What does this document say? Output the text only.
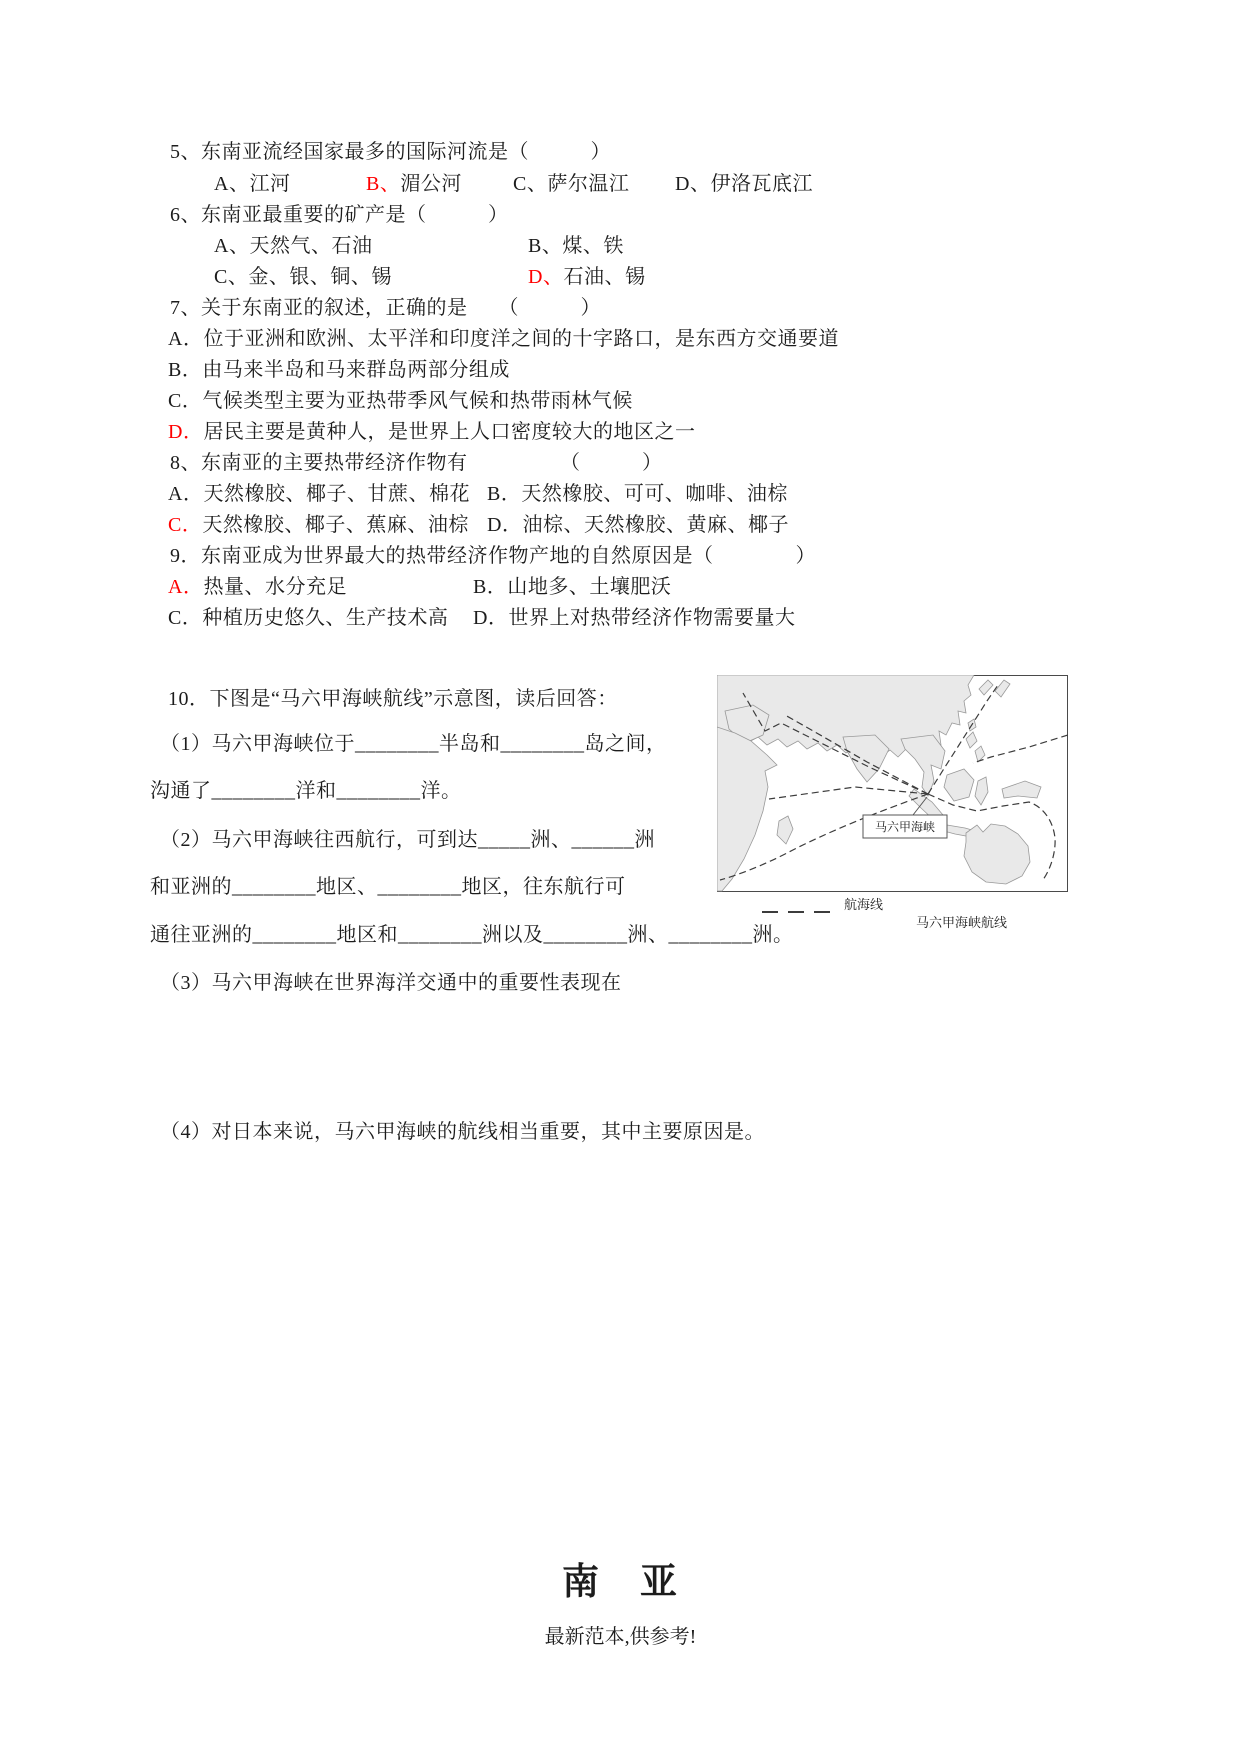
5、东南亚流经国家最多的国际河流是（　　　）
A、江河	B、湄公河	C、萨尔温江 D、伊洛瓦底江
6、东南亚最重要的矿产是（　　　）
A、天然气、石油	B、煤、铁
C、金、银、铜、锡	D、石油、锡
7、关于东南亚的叙述，正确的是　　（　　　）
A．位于亚洲和欧洲、太平洋和印度洋之间的十字路口，是东西方交通要道
B．由马来半岛和马来群岛两部分组成
C．气候类型主要为亚热带季风气候和热带雨林气候
D．居民主要是黄种人，是世界上人口密度较大的地区之一
8、东南亚的主要热带经济作物有　　　　　（　　　）
A．天然橡胶、椰子、甘蔗、棉花 B．天然橡胶、可可、咖啡、油棕
C．天然橡胶、椰子、蕉麻、油棕 D．油棕、天然橡胶、黄麻、椰子
9．东南亚成为世界最大的热带经济作物产地的自然原因是（　　　　）
A．热量、水分充足	B．山地多、土壤肥沃
C．种植历史悠久、生产技术高 D．世界上对热带经济作物需要量大
10．下图是“马六甲海峡航线”示意图，读后回答：
（1）马六甲海峡位于________半岛和________岛之间，
沟通了________洋和________洋。
（2）马六甲海峡往西航行，可到达_____洲、______洲
和亚洲的________地区、________地区，往东航行可
通往亚洲的________地区和________洲以及________洲、________洲。
（3）马六甲海峡在世界海洋交通中的重要性表现在
（4）对日本来说，马六甲海峡的航线相当重要，其中主要原因是。
马六甲海峡
航海线
马六甲海峡航线
南　亚
最新范本,供参考!
